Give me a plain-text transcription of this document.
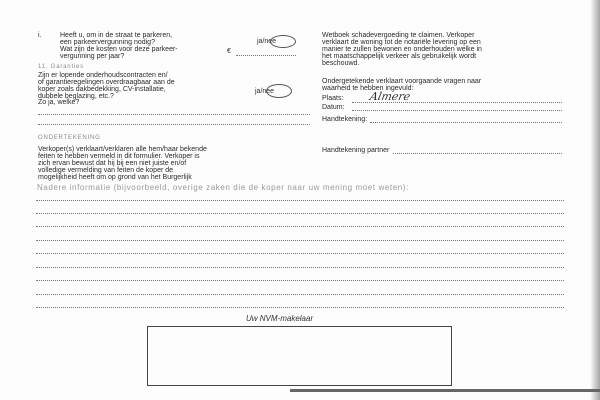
i.	Heeft u, om in de straat te parkeren,
een parkeervergunning nodig?
Wat zijn de kosten voor deze parkeer-
vergunning per jaar?
ja/nee
€
11. Garanties
Zijn er lopende onderhoudscontracten en/
of garantieregelingen overdraagbaar aan de
koper zoals dakbedekking, CV-installatie,
dubbele beglazing, etc.?
ja/nee
Zo ja, welke?
ONDERTEKENING
Verkoper(s) verklaart/verklaren alle hem/haar bekende
feiten te hebben vermeld in dit formulier. Verkoper is
zich ervan bewust dat hij bij een niet juiste en/of
volledige vermelding van feiten de koper de
mogelijkheid heeft om op grond van het Burgerlijk
Wetboek schadevergoeding te claimen. Verkoper
verklaart de woning tot de notariële levering op een
manier te zullen bewonen en onderhouden welke in
het maatschappelijk verkeer als gebruikelijk wordt
beschouwd.
Ondergetekende verklaart voorgaande vragen naar
waarheid te hebben ingevuld:
Plaats: Almere
Datum:
Handtekening:
Handtekening partner
Nadere informatie (bijvoorbeeld, overige zaken die de koper naar uw mening moet weten):
Uw NVM-makelaar
